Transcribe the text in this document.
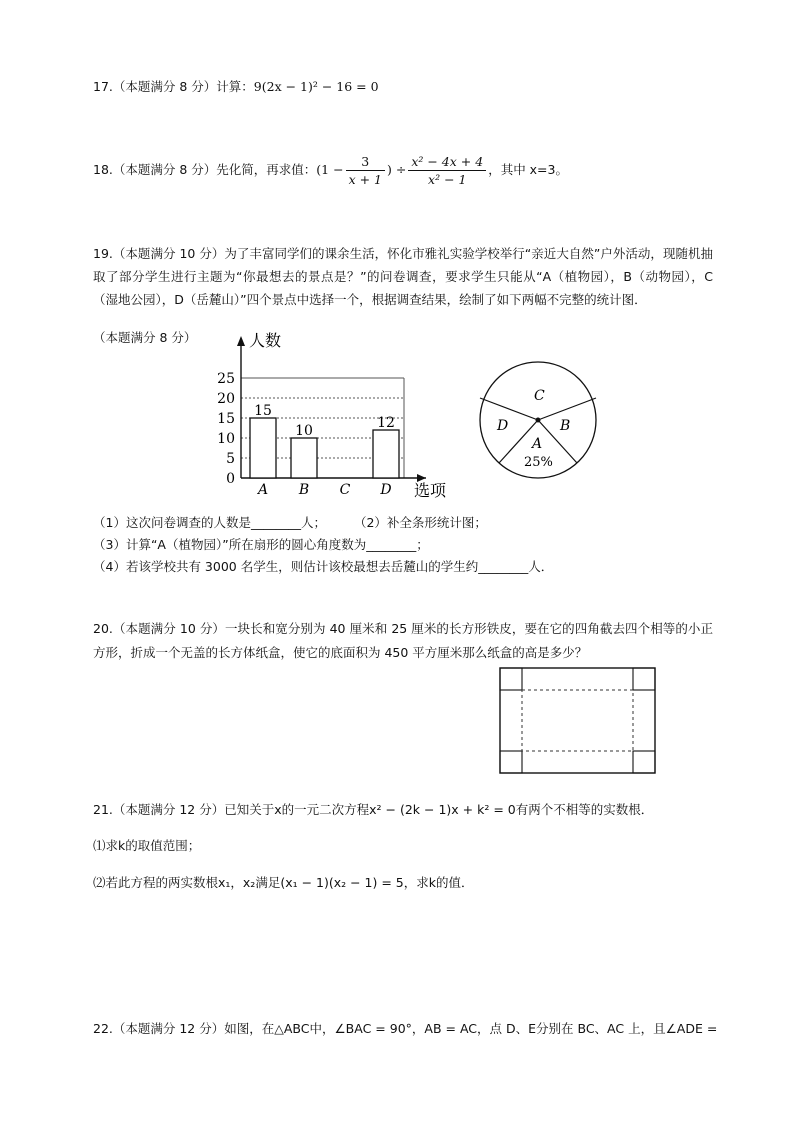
17.（本题满分 8 分）计算：9(2x − 1)² − 16 = 0
18.（本题满分 8 分）先化简，再求值：($1 - \frac{3}{x + 1}$ ) ÷ $\frac{\text{x² − 4x + 4}}{\text{x² − 1}}$ ，其中 x=3。
19.（本题满分 10 分）为了丰富同学们的课余生活，怀化市雅礼实验学校举行“亲近大自然”户外活动，现随机抽取了部分学生进行主题为“你最想去的景点是？”的问卷调查，要求学生只能从“A（植物园），B（动物园），C（湿地公园），D（岳麓山）”四个景点中选择一个，根据调查结果，绘制了如下两幅不完整的统计图．
（本题满分 8 分）
0
5
10
15
20
25
人数
选项
15
A
10
B C
12
D
C
D
A
B
25%
（1）这次问卷调查的人数是________人； （2）补全条形统计图；
（3）计算“A（植物园）”所在扇形的圆心角度数为________；
（4）若该学校共有 3000 名学生，则估计该校最想去岳麓山的学生约________人．
20.（本题满分 10 分）一块长和宽分别为 40 厘米和 25 厘米的长方形铁皮，要在它的四角截去四个相等的小正方形，折成一个无盖的长方体纸盒，使它的底面积为 450 平方厘米那么纸盒的高是多少？
21.（本题满分 12 分）已知关于x的一元二次方程x² − (2k − 1)x + k² = 0有两个不相等的实数根．
⑴求k的取值范围；
⑵若此方程的两实数根x₁，x₂满足(x₁ − 1)(x₂ − 1) = 5，求k的值．
22.（本题满分 12 分）如图，在△ABC中，∠BAC = 90°，AB = AC，点 D、E分别在 BC、AC 上，且∠ADE =
